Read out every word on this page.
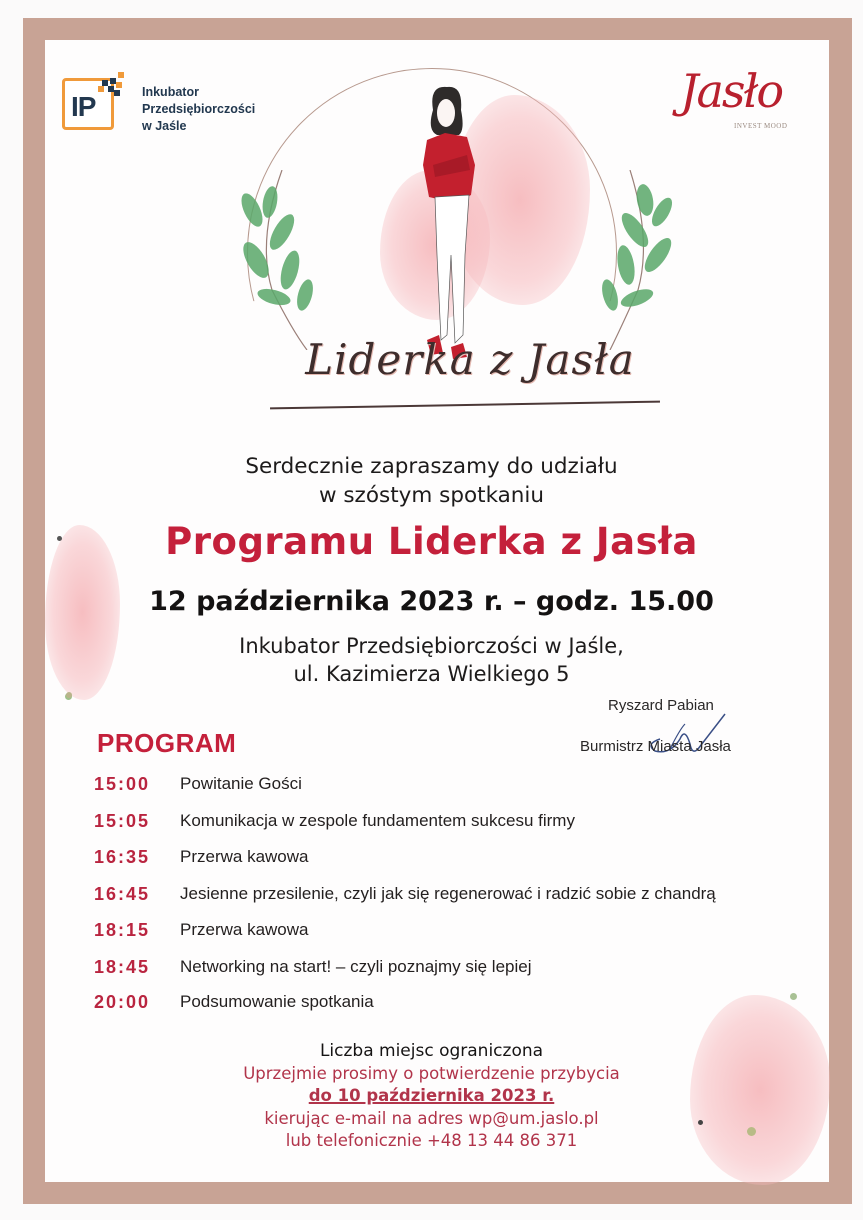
IP	Inkubator
Przedsiębiorczości
w Jaśle
Jasło
INVEST MOOD
Liderka z Jasła
Serdecznie zapraszamy do udziału
w szóstym spotkaniu
Programu Liderka z Jasła
12 października 2023 r. – godz. 15.00
Inkubator Przedsiębiorczości w Jaśle,
ul. Kazimierza Wielkiego 5
Ryszard Pabian
Burmistrz Miasta Jasła
PROGRAM
15:00	Powitanie Gości
15:05	Komunikacja w zespole fundamentem sukcesu firmy
16:35	Przerwa kawowa
16:45	Jesienne przesilenie, czyli jak się regenerować i radzić sobie z chandrą
18:15	Przerwa kawowa
18:45	Networking na start! – czyli poznajmy się lepiej
20:00	Podsumowanie spotkania
Liczba miejsc ograniczona
Uprzejmie prosimy o potwierdzenie przybycia
do 10 października 2023 r.
kierując e-mail na adres wp@um.jaslo.pl
lub telefonicznie +48 13 44 86 371
